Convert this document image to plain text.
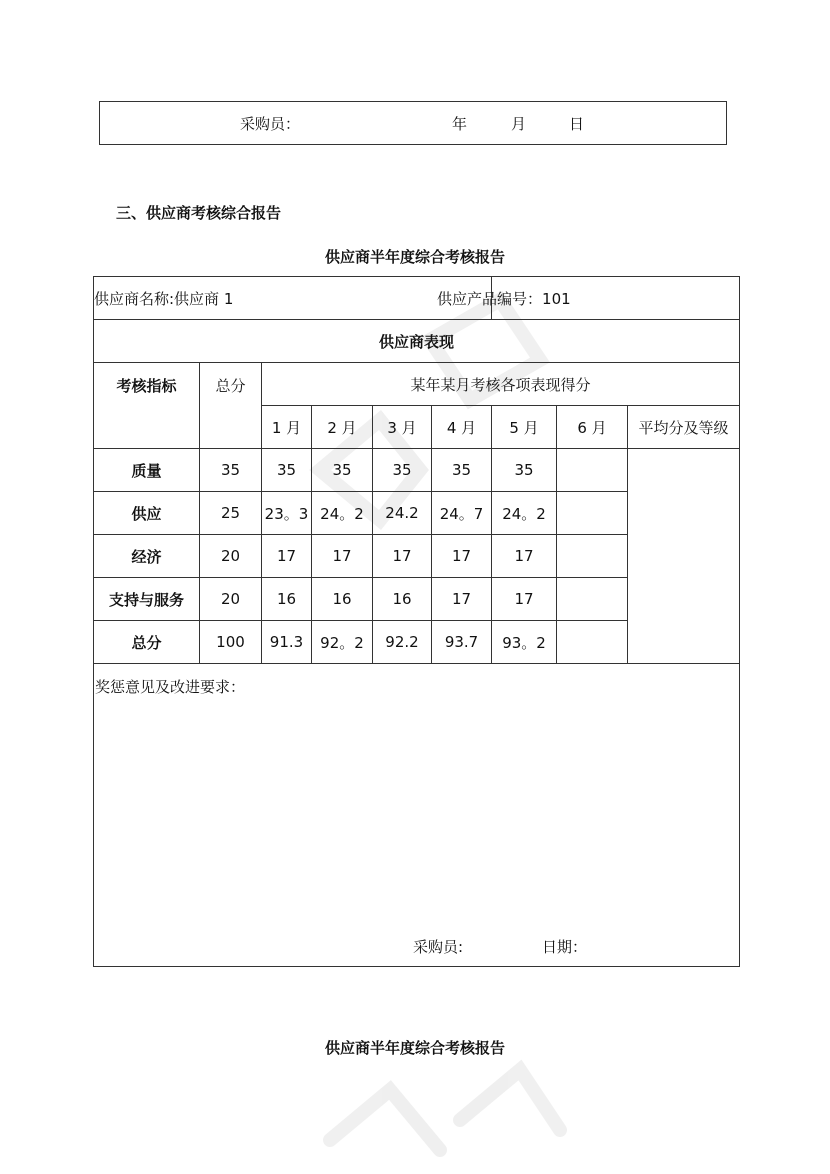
采购员：	年	月	日
三、供应商考核综合报告
供应商半年度综合考核报告
供应商名称:供应商 1						供应产品编号：101		
供应商表现								
考核指标	总分	某年某月考核各项表现得分						
		1 月	2 月	3 月	4 月	5 月	6 月	平均分及等级
质量	35	35	35	35	35	35		
供应	25	23。3	24。2	24.2	24。7	24。2		
经济	20	17	17	17	17	17		
支持与服务	20	16	16	16	17	17		
总分	100	91.3	92。2	92.2	93.7	93。2		

奖惩意见及改进要求：
采购员: 日期：								
供应商半年度综合考核报告
